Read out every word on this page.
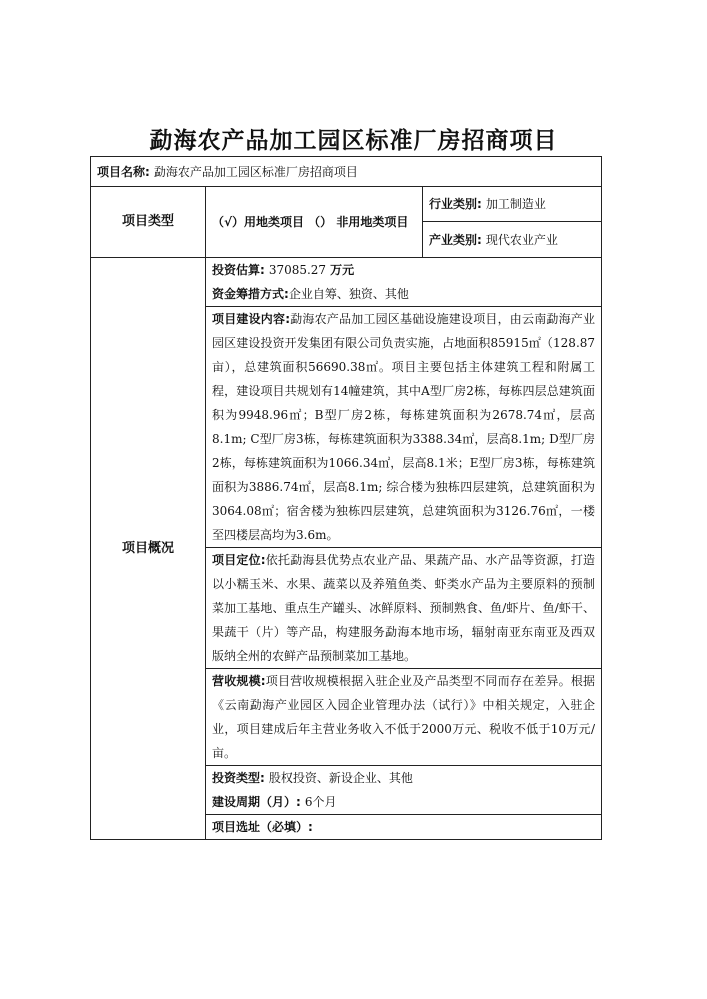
勐海农产品加工园区标准厂房招商项目
项目名称: 勐海农产品加工园区标准厂房招商项目		
项目类型	（√）用地类项目 （） 非用地类项目	行业类别: 加工制造业
		产业类别: 现代农业产业
项目概况	投资估算: 37085.27 万元
资金筹措方式:企业自筹、独资、其他	

	项目建设内容:勐海农产品加工园区基础设施建设项目，由云南勐海产业园区建设投资开发集团有限公司负责实施，占地面积85915㎡（128.87亩），总建筑面积56690.38㎡。项目主要包括主体建筑工程和附属工程，建设项目共规划有14幢建筑，其中A型厂房2栋，每栋四层总建筑面积为9948.96㎡；B型厂房2栋，每栋建筑面积为2678.74㎡，层高8.1m; C型厂房3栋，每栋建筑面积为3388.34㎡，层高8.1m; D型厂房2栋，每栋建筑面积为1066.34㎡，层高8.1米；E型厂房3栋，每栋建筑面积为3886.74㎡，层高8.1m; 综合楼为独栋四层建筑，总建筑面积为3064.08㎡；宿舍楼为独栋四层建筑，总建筑面积为3126.76㎡，一楼至四楼层高均为3.6m。	
	项目定位:依托勐海县优势点农业产品、果蔬产品、水产品等资源，打造以小糯玉米、水果、蔬菜以及养殖鱼类、虾类水产品为主要原料的预制菜加工基地、重点生产罐头、冰鲜原料、预制熟食、鱼/虾片、鱼/虾干、果蔬干（片）等产品，构建服务勐海本地市场，辐射南亚东南亚及西双版纳全州的农鲜产品预制菜加工基地。	
	营收规模:项目营收规模根据入驻企业及产品类型不同而存在差异。根据《云南勐海产业园区入园企业管理办法（试行）》中相关规定，入驻企业，项目建成后年主营业务收入不低于2000万元、税收不低于10万元/亩。	

	投资类型: 股权投资、新设企业、其他
建设周期（月）: 6个月	

	项目选址（必填）:	
